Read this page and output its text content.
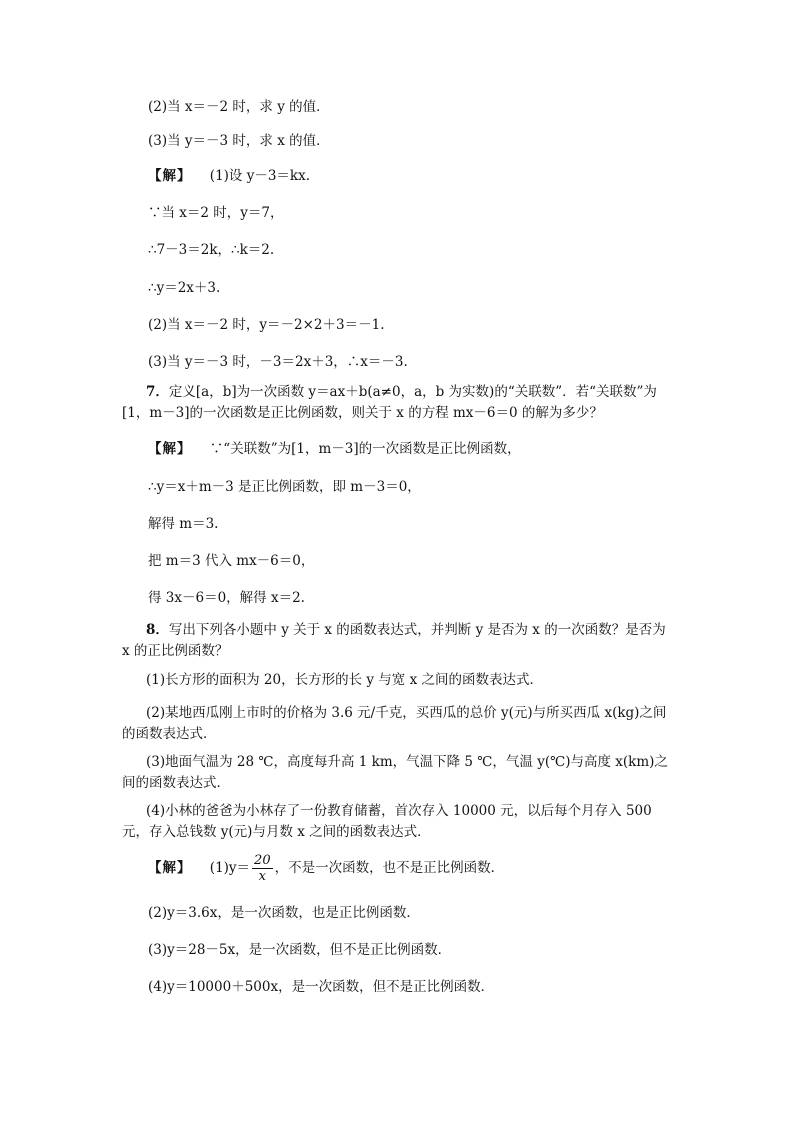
(2)当 x＝－2 时，求 y 的值．
(3)当 y＝－3 时，求 x 的值．
【解】 (1)设 y－3＝kx.
∵当 x＝2 时，y＝7，
∴7－3＝2k，∴k＝2.
∴y＝2x＋3.
(2)当 x＝－2 时，y＝－2×2＋3＝－1.
(3)当 y＝－3 时，－3＝2x＋3，∴x＝－3.
7．定义[a，b]为一次函数 y＝ax＋b(a≠0，a，b 为实数)的“关联数”．若“关联数”为[1，m－3]的一次函数是正比例函数，则关于 x 的方程 mx－6＝0 的解为多少？
【解】 ∵“关联数”为[1，m－3]的一次函数是正比例函数，
∴y＝x＋m－3 是正比例函数，即 m－3＝0，
解得 m＝3.
把 m＝3 代入 mx－6＝0，
得 3x－6＝0，解得 x＝2.
8．写出下列各小题中 y 关于 x 的函数表达式，并判断 y 是否为 x 的一次函数？是否为 x 的正比例函数？
(1)长方形的面积为 20，长方形的长 y 与宽 x 之间的函数表达式．
(2)某地西瓜刚上市时的价格为 3.6 元/千克，买西瓜的总价 y(元)与所买西瓜 x(kg)之间的函数表达式．
(3)地面气温为 28 ℃，高度每升高 1 km，气温下降 5 ℃，气温 y(℃)与高度 x(km)之间的函数表达式．
(4)小林的爸爸为小林存了一份教育储蓄，首次存入 10000 元，以后每个月存入 500 元，存入总钱数 y(元)与月数 x 之间的函数表达式．
【解】 $(1)y= \frac{20}{x}$ ，不是一次函数，也不是正比例函数．
(2)y＝3.6x，是一次函数，也是正比例函数．
(3)y＝28－5x，是一次函数，但不是正比例函数．
(4)y＝10000＋500x，是一次函数，但不是正比例函数．
